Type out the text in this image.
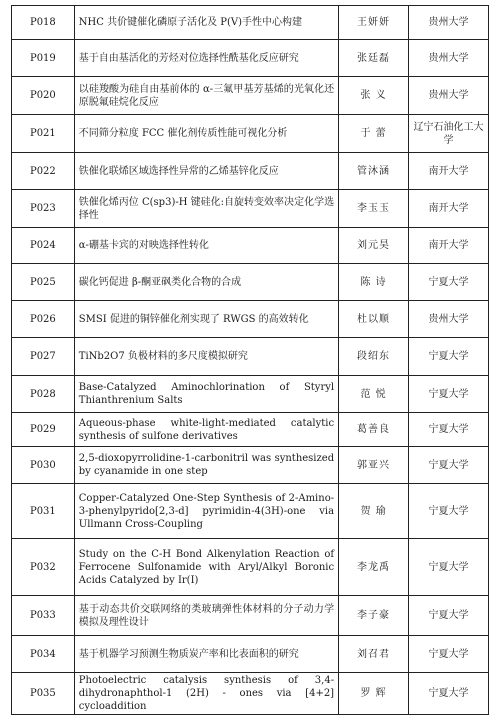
P018	NHC 共价键催化磷原子活化及 P(V)手性中心构建	王妍妍	贵州大学
P019	基于自由基活化的芳烃对位选择性酰基化反应研究	张廷磊	贵州大学
P020	以硅羧酸为硅自由基前体的 α-三氟甲基芳基烯的光氧化还原脱氟硅烷化反应	张 义	贵州大学
P021	不同筛分粒度 FCC 催化剂传质性能可视化分析	于 蕾	辽宁石油化工大学
P022	铁催化联烯区域选择性异常的乙烯基锌化反应	管沐涵	南开大学
P023	铁催化烯丙位 C(sp3)-H 键硅化:自旋转变效率决定化学选择性	李玉玉	南开大学
P024	α-硼基卡宾的对映选择性转化	刘元昊	南开大学
P025	碳化钙促进 β-酮亚砜类化合物的合成	陈 诗	宁夏大学
P026	SMSI 促进的铜锌催化剂实现了 RWGS 的高效转化	杜以顺	贵州大学
P027	TiNb2O7 负极材料的多尺度模拟研究	段绍东	宁夏大学
P028	Base-Catalyzed Aminochlorination of Styryl Thianthrenium Salts	范 悦	宁夏大学
P029	Aqueous-phase white-light-mediated catalytic synthesis of sulfone derivatives	葛善良	宁夏大学
P030	2,5-dioxopyrrolidine-1-carbonitril was synthesized by cyanamide in one step	郭亚兴	宁夏大学
P031	Copper-Catalyzed One-Step Synthesis of 2-Amino-3-phenylpyrido[2,3-d] pyrimidin-4(3H)-one via Ullmann Cross-Coupling	贺 瑜	宁夏大学
P032	Study on the C-H Bond Alkenylation Reaction of Ferrocene Sulfonamide with Aryl/Alkyl Boronic Acids Catalyzed by Ir(I)	李龙禹	宁夏大学
P033	基于动态共价交联网络的类玻璃弹性体材料的分子动力学模拟及理性设计	李子豪	宁夏大学
P034	基于机器学习预测生物质炭产率和比表面积的研究	刘召君	宁夏大学
P035	Photoelectric catalysis synthesis of 3,4-dihydronaphthol-1 (2H) - ones via [4+2] cycloaddition	罗 辉	宁夏大学
